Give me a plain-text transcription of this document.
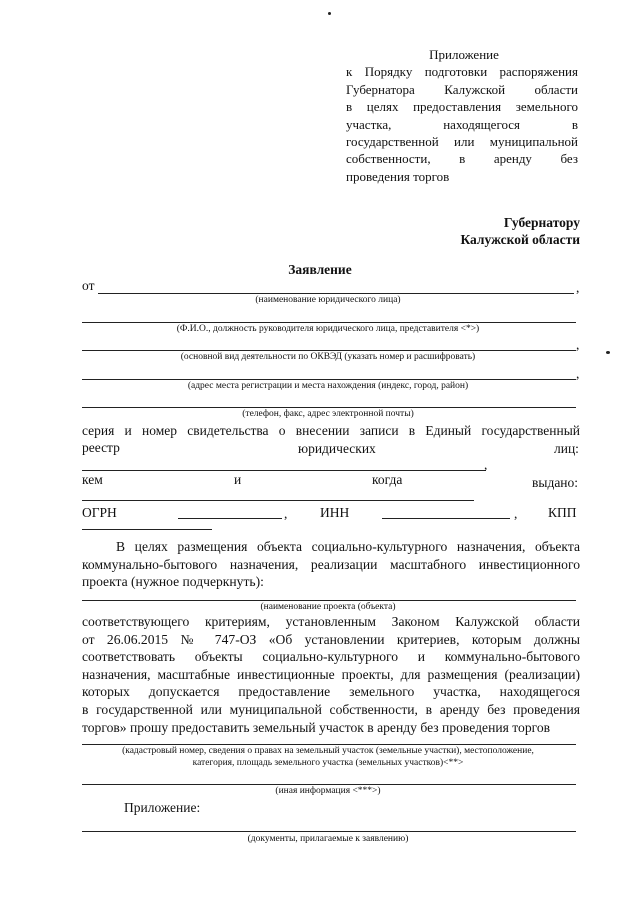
Приложение
к Порядку подготовки распоряжения
Губернатора Калужской области
в целях предоставления земельного
участка, находящегося в
государственной или муниципальной
собственности, в аренду без
проведения торгов
Губернатору
Калужской области
Заявление
от	,
(наименование юридического лица)
(Ф.И.О., должность руководителя юридического лица, представителя <*>)
,
(основной вид деятельности по ОКВЭД (указать номер и расшифровать)
,
(адрес места регистрации и места нахождения (индекс, город, район)
(телефон, факс, адрес электронной почты)
серия и номер свидетельства о внесении записи в Единый государственный
реестр	юридических	лиц:
,
кем	и	когда	выдано:
ОГРН	, ИНН	, КПП
В целях размещения объекта социально-культурного назначения, объекта
коммунально-бытового назначения, реализации масштабного инвестиционного
проекта (нужное подчеркнуть):
(наименование проекта (объекта)
соответствующего критериям, установленным Законом Калужской области
от 26.06.2015 № 747-ОЗ «Об установлении критериев, которым должны
соответствовать объекты социально-культурного и коммунально-бытового
назначения, масштабные инвестиционные проекты, для размещения (реализации)
которых допускается предоставление земельного участка, находящегося
в государственной или муниципальной собственности, в аренду без проведения
торгов» прошу предоставить земельный участок в аренду без проведения торгов
(кадастровый номер, сведения о правах на земельный участок (земельные участки), местоположение,
категория, площадь земельного участка (земельных участков)<**>
(иная информация <***>)
Приложение:
(документы, прилагаемые к заявлению)
